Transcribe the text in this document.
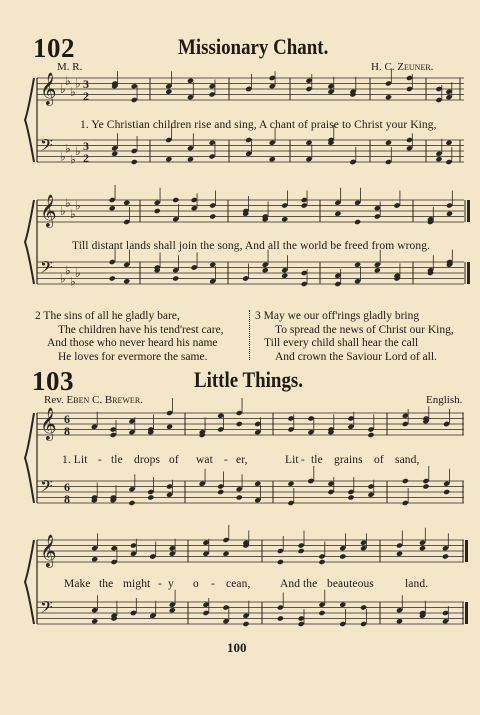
102	Missionary Chant.
M. R.	H. C. Zeuner.
𝄞 ♭
♭
♭
♭ 3
2
𝄢 ♭
♭
♭
♭ 3
2
1. Ye Christian children rise and sing, A chant of praise to Christ your King,
𝄞 ♭
♭
♭
♭
𝄢 ♭
♭
♭
♭
Till distant lands shall join the song, And all the world be freed from wrong.
2 The sins of all he gladly bare,
The children have his tend'rest care,
And those who never heard his name
He loves for evermore the same.
3 May we our off'rings gladly bring
To spread the news of Christ our King,
Till every child shall hear the call
And crown the Saviour Lord of all.
103	Little Things.
Rev. Eben C. Brewer.	English.
𝄞 6
8
𝄢 6
8
1. Lit - tle drops of wat - er,	Lit - tle grains of sand,
𝄞
𝄢
Make the might - y o - cean,	And the beauteous	land.
100
